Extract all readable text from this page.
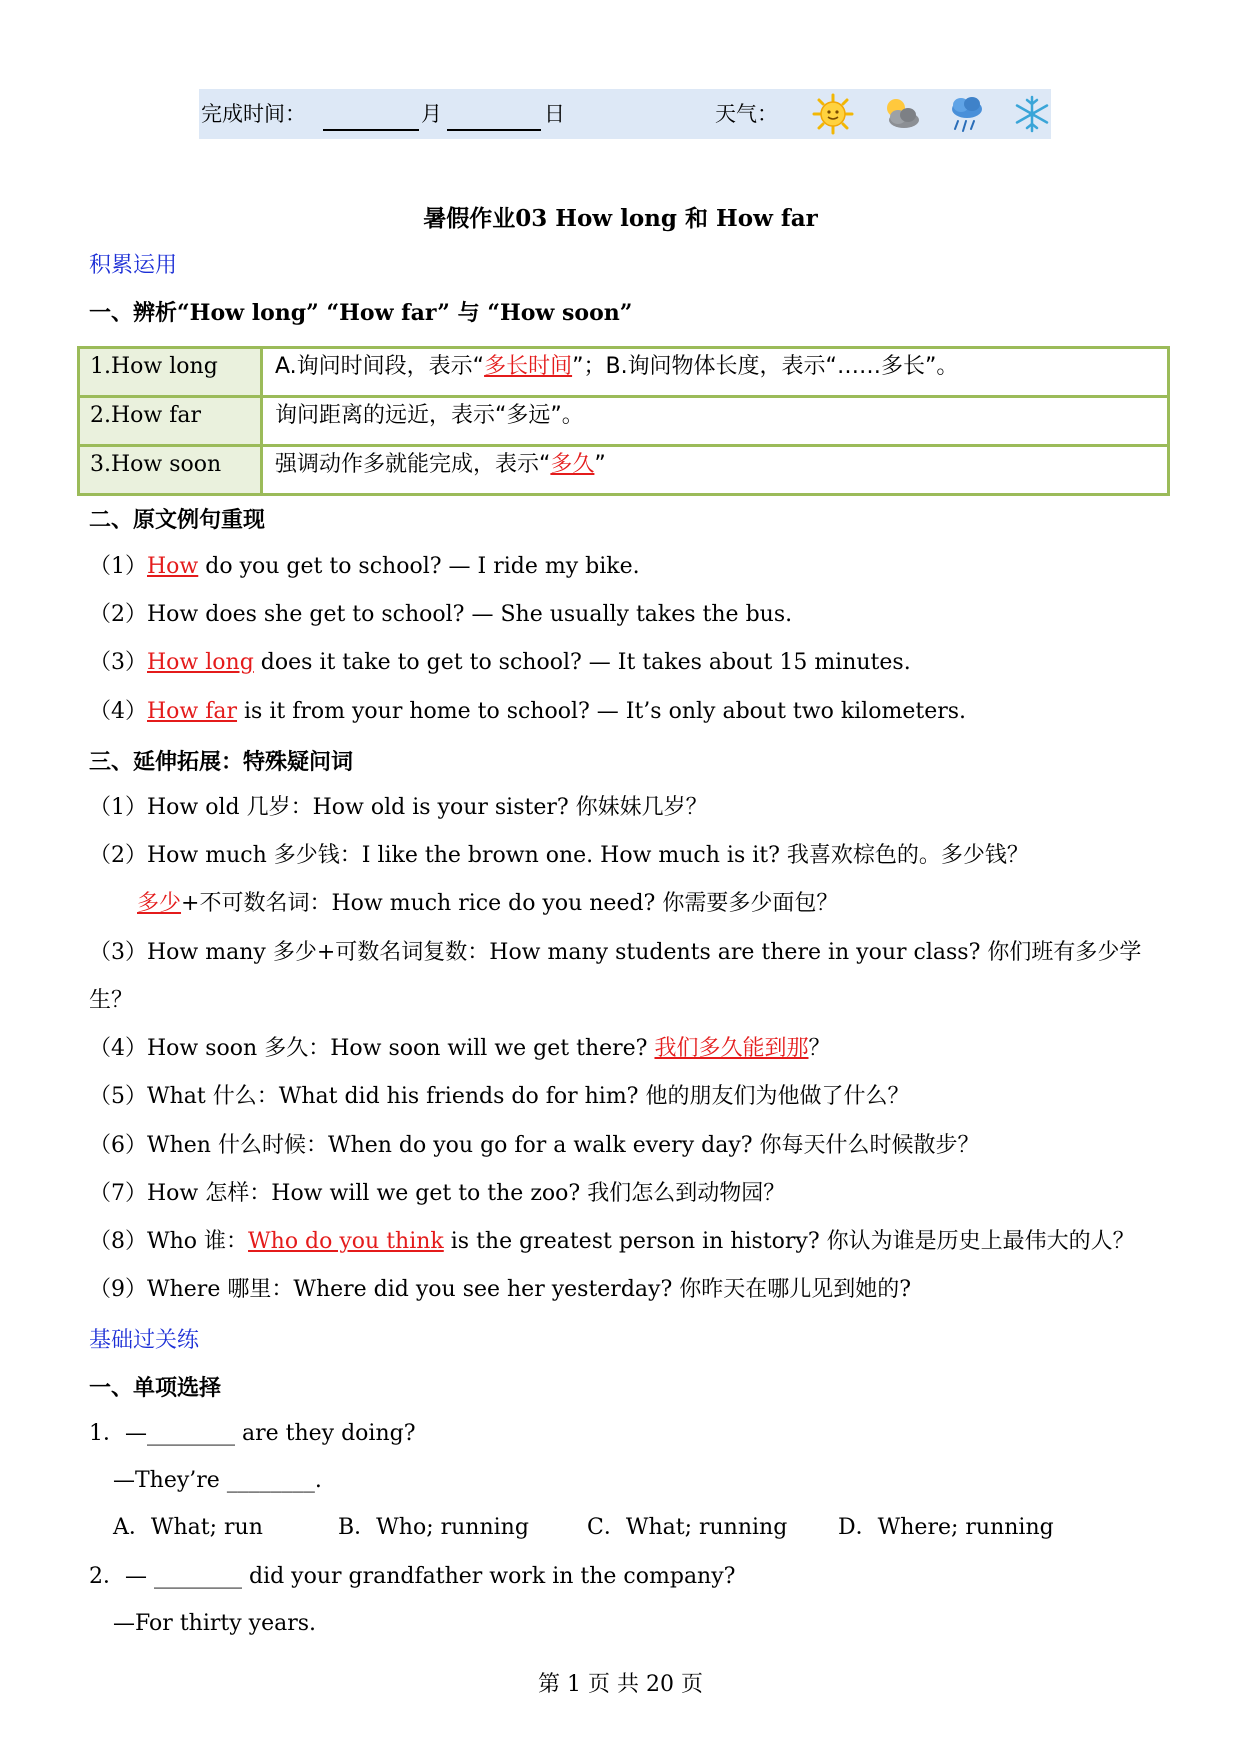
完成时间：	月	日	天气：
暑假作业03 How long 和 How far
积累运用
一、辨析“How long” “How far” 与 “How soon”
1.How long	A.询问时间段，表示“多长时间”；B.询问物体长度，表示“……多长”。
2.How far	询问距离的远近，表示“多远”。
3.How soon	强调动作多就能完成，表示“多久”
二、原文例句重现
（1）How do you get to school? — I ride my bike.
（2）How does she get to school? — She usually takes the bus.
（3）How long does it take to get to school? — It takes about 15 minutes.
（4）How far is it from your home to school? — It’s only about two kilometers.
三、延伸拓展：特殊疑问词
（1）How old 几岁：How old is your sister? 你妹妹几岁？
（2）How much 多少钱：I like the brown one. How much is it? 我喜欢棕色的。多少钱？
多少+不可数名词：How much rice do you need? 你需要多少面包？
（3）How many 多少+可数名词复数：How many students are there in your class? 你们班有多少学
生？
（4）How soon 多久：How soon will we get there? 我们多久能到那？
（5）What 什么：What did his friends do for him? 他的朋友们为他做了什么？
（6）When 什么时候：When do you go for a walk every day? 你每天什么时候散步？
（7）How 怎样：How will we get to the zoo? 我们怎么到动物园？
（8）Who 谁：Who do you think is the greatest person in history? 你认为谁是历史上最伟大的人？
（9）Where 哪里：Where did you see her yesterday? 你昨天在哪儿见到她的?
基础过关练
一、单项选择
1．—________ are they doing?
—They’re ________.
A．What; run	B．Who; running	C．What; running D．Where; running
2．— ________ did your grandfather work in the company?
—For thirty years.
第 1 页 共 20 页
